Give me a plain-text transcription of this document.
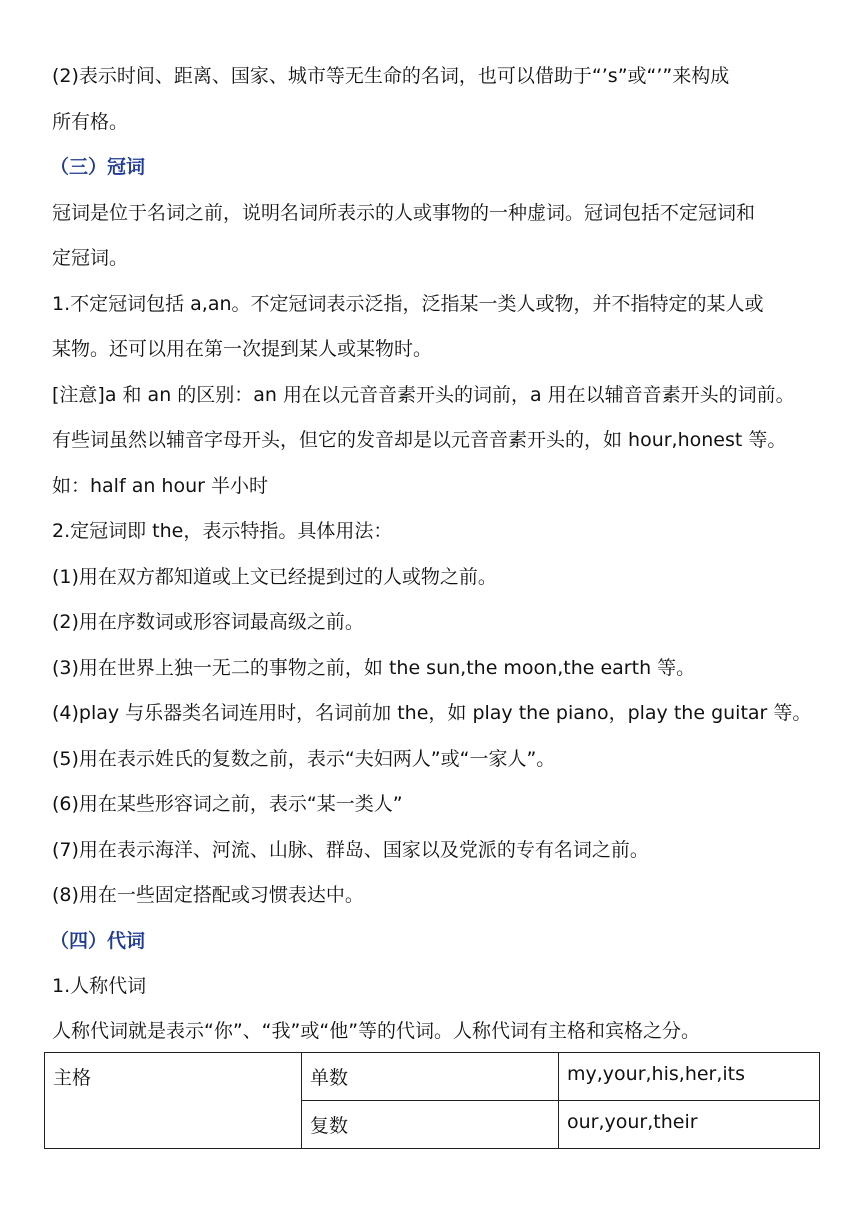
(2)表示时间、距离、国家、城市等无生命的名词，也可以借助于“’s”或“’”来构成
所有格。
（三）冠词
冠词是位于名词之前，说明名词所表示的人或事物的一种虚词。冠词包括不定冠词和
定冠词。
1.不定冠词包括 a,an。不定冠词表示泛指，泛指某一类人或物，并不指特定的某人或
某物。还可以用在第一次提到某人或某物时。
[注意]a 和 an 的区别：an 用在以元音音素开头的词前，a 用在以辅音音素开头的词前。
有些词虽然以辅音字母开头，但它的发音却是以元音音素开头的，如 hour,honest 等。
如：half an hour 半小时
2.定冠词即 the，表示特指。具体用法：
(1)用在双方都知道或上文已经提到过的人或物之前。
(2)用在序数词或形容词最高级之前。
(3)用在世界上独一无二的事物之前，如 the sun,the moon,the earth 等。
(4)play 与乐器类名词连用时，名词前加 the，如 play the piano，play the guitar 等。
(5)用在表示姓氏的复数之前，表示“夫妇两人”或“一家人”。
(6)用在某些形容词之前，表示“某一类人”
(7)用在表示海洋、河流、山脉、群岛、国家以及党派的专有名词之前。
(8)用在一些固定搭配或习惯表达中。
（四）代词
1.人称代词
人称代词就是表示“你”、“我”或“他”等的代词。人称代词有主格和宾格之分。
主格	单数	my,your,his,her,its
	复数	our,your,their
